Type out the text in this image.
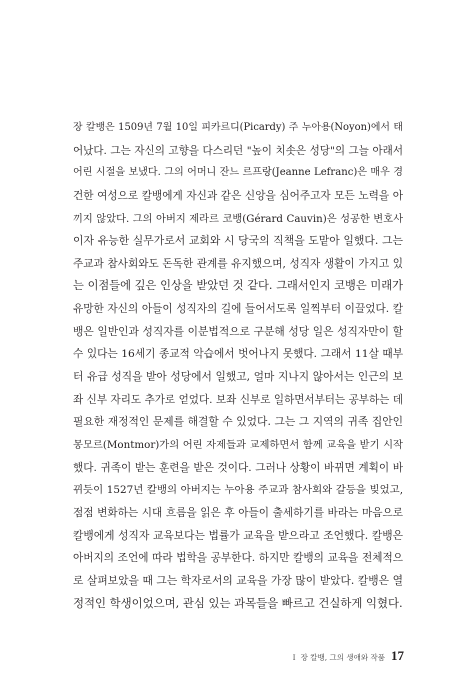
장 칼뱅은 1509년 7월 10일 피카르디(Picardy) 주 누아용(Noyon)에서 태
어났다. 그는 자신의 고향을 다스리던 "높이 치솟은 성당"의 그늘 아래서
어린 시절을 보냈다. 그의 어머니 잔느 르프랑(Jeanne Lefranc)은 매우 경
건한 여성으로 칼뱅에게 자신과 같은 신앙을 심어주고자 모든 노력을 아
끼지 않았다. 그의 아버지 제라르 코뱅(Gérard Cauvin)은 성공한 변호사
이자 유능한 실무가로서 교회와 시 당국의 직책을 도맡아 일했다. 그는
주교과 참사회와도 돈독한 관계를 유지했으며, 성직자 생활이 가지고 있
는 이점들에 깊은 인상을 받았던 것 같다. 그래서인지 코뱅은 미래가
유망한 자신의 아들이 성직자의 길에 들어서도록 일찍부터 이끌었다. 칼
뱅은 일반인과 성직자를 이분법적으로 구분해 성당 일은 성직자만이 할
수 있다는 16세기 종교적 악습에서 벗어나지 못했다. 그래서 11살 때부
터 유급 성직을 받아 성당에서 일했고, 얼마 지나지 않아서는 인근의 보
좌 신부 자리도 추가로 얻었다. 보좌 신부로 일하면서부터는 공부하는 데
필요한 재정적인 문제를 해결할 수 있었다. 그는 그 지역의 귀족 집안인
몽모르(Montmor)가의 어린 자제들과 교제하면서 함께 교육을 받기 시작
했다. 귀족이 받는 훈련을 받은 것이다. 그러나 상황이 바뀌면 계획이 바
뀌듯이 1527년 칼뱅의 아버지는 누아용 주교과 참사회와 갈등을 빚었고,
점점 변화하는 시대 흐름을 읽은 후 아들이 출세하기를 바라는 마음으로
칼뱅에게 성직자 교육보다는 법률가 교육을 받으라고 조언했다. 칼뱅은
아버지의 조언에 따라 법학을 공부한다. 하지만 칼뱅의 교육을 전체적으
로 살펴보았을 때 그는 학자로서의 교육을 가장 많이 받았다. 칼뱅은 열
정적인 학생이었으며, 관심 있는 과목들을 빠르고 건실하게 익혔다.
I 장 칼뱅, 그의 생애와 작품 17
